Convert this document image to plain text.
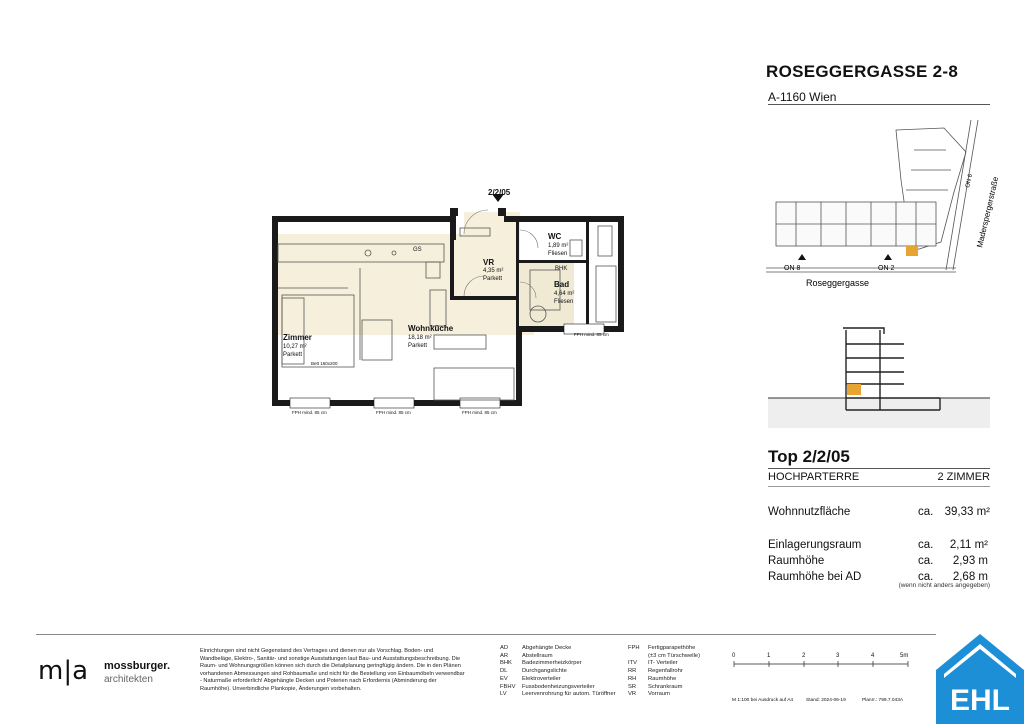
ROSEGGERGASSE 2-8
A-1160 Wien
ON 8	ON 2
Roseggergasse
Maderspergerstraße
ON 6
Top 2/2/05
HOCHPARTERRE	2 ZIMMER
Wohnnutzfläche	ca. 39,33 m²
Einlagerungsraum	ca.	2,11 m²
Raumhöhe	ca.	2,93 m
Raumhöhe bei AD	ca.	2,68 m
(wenn nicht anders angegeben)
2/2/05
GS
BHK
Zimmer
10,27 m²
Parkett
Bett 160x200
Wohnküche
18,18 m²
Parkett
VR
4,35 m²
Parkett
WC
1,89 m²
Fliesen
Bad
4,64 m²
Fliesen
FPH mind. 85 cm	FPH mind. 85 cm	FPH mind. 85 cm
FPH mind. 85 cm
m|a mossburger.
architekten
Einrichtungen sind nicht Gegenstand des Vertrages und dienen nur als Vorschlag. Boden- und Wandbeläge, Elektro-, Sanitär- und sonstige Ausstattungen laut Bau- und Ausstattungsbeschreibung. Die Raum- und Wohnungsgrößen können sich durch die Detailplanung geringfügig ändern. Die in den Plänen vorhandenen Abmessungen sind Rohbaumaße und nicht für die Bestellung von Einbaumöbeln verwendbar - Naturmaße erforderlich! Abgehängte Decken und Poterien nach Erfordernis (Abminderung der Raumhöhe). Unverbindliche Plankopie, Änderungen vorbehalten.
AD Abgehängte Decke
AR Abstellraum
BHK Badezimmerheizkörper
DL	Durchgangslichte
EV Elektroverteiler
FBHV Fussbodenheizungsverteiler
LV	Leervenrohrung für autom. Türöffner
FPH Fertigparapethöhe
(±3 cm Türschwelle)
ITV IT- Verteiler
RR Regenfallrohr
RH Raumhöhe
SR Schrankraum
VR Vorraum
0	1	2	3	4	5m
M 1:100 bei Ausdruck auf A4	Stand: 2024-06-19	Planrr.: 799.7.043A EHL
